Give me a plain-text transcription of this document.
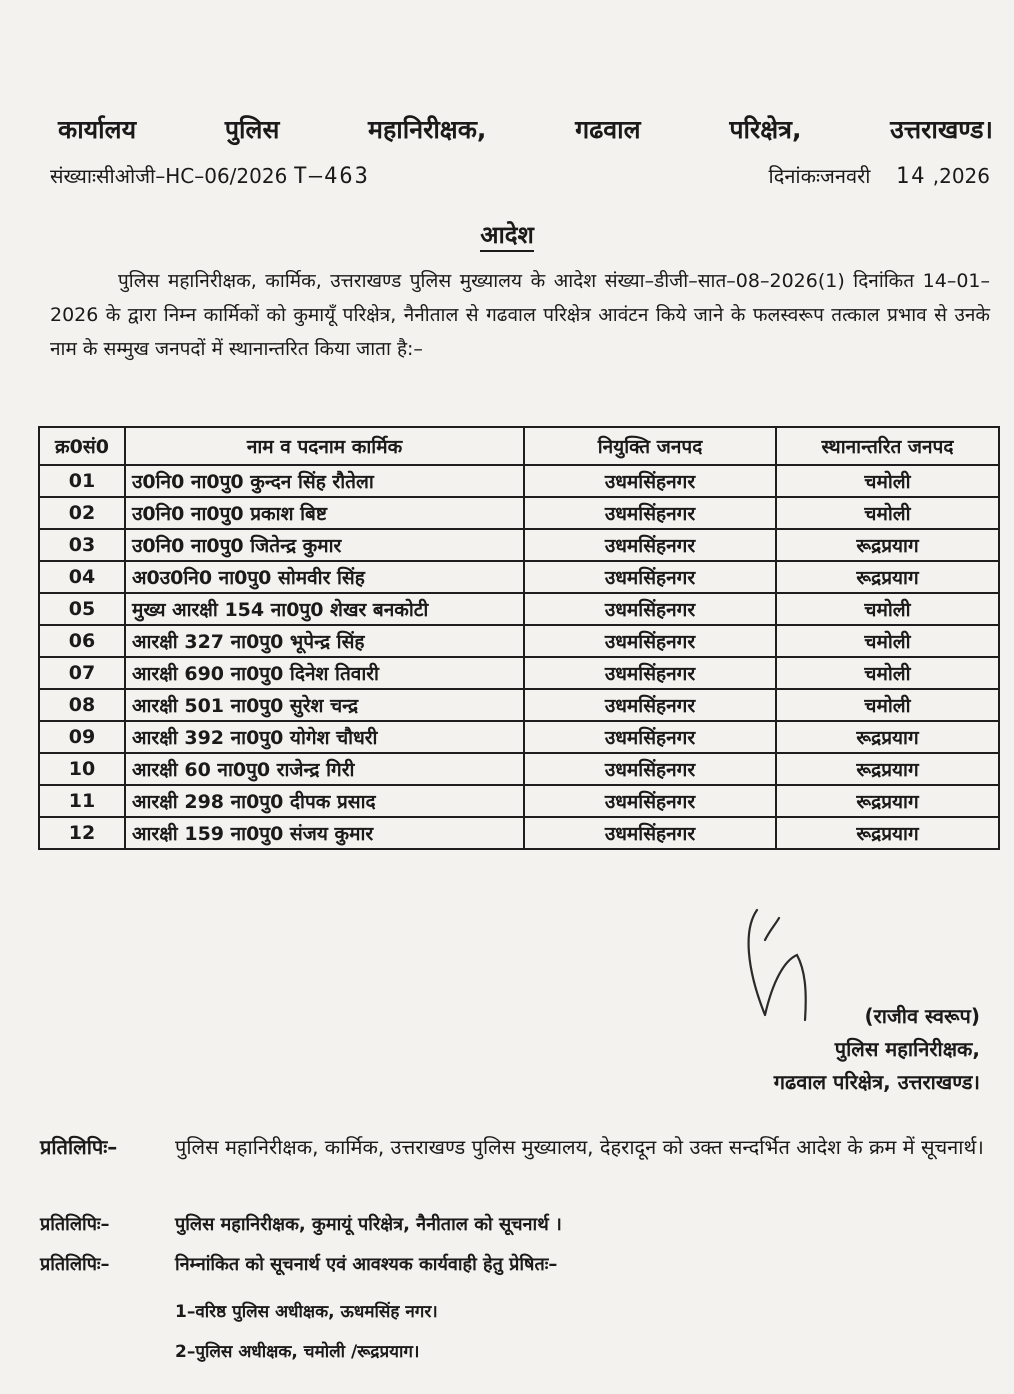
कार्यालय	पुलिस	महानिरीक्षक,	गढवाल	परिक्षेत्र,	उत्तराखण्ड।
संख्याःसीओजी–HC–06/2026 T–463	दिनांकःजनवरी 14 ,2026
आदेश
पुलिस महानिरीक्षक, कार्मिक, उत्तराखण्ड पुलिस मुख्यालय के आदेश संख्या–डीजी–सात–08–2026(1) दिनांकित 14–01–2026 के द्वारा निम्न कार्मिकों को कुमायूँ परिक्षेत्र, नैनीताल से गढवाल परिक्षेत्र आवंटन किये जाने के फलस्वरूप तत्काल प्रभाव से उनके नाम के सम्मुख जनपदों में स्थानान्तरित किया जाता है:–
क्र0सं0	नाम व पदनाम कार्मिक	नियुक्ति जनपद	स्थानान्तरित जनपद
01	उ0नि0 ना0पु0 कुन्दन सिंह रौतेला	उधमसिंहनगर	चमोली
02	उ0नि0 ना0पु0 प्रकाश बिष्ट	उधमसिंहनगर	चमोली
03	उ0नि0 ना0पु0 जितेन्द्र कुमार	उधमसिंहनगर	रूद्रप्रयाग
04	अ0उ0नि0 ना0पु0 सोमवीर सिंह	उधमसिंहनगर	रूद्रप्रयाग
05	मुख्य आरक्षी 154 ना0पु0 शेखर बनकोटी	उधमसिंहनगर	चमोली
06	आरक्षी 327 ना0पु0 भूपेन्द्र सिंह	उधमसिंहनगर	चमोली
07	आरक्षी 690 ना0पु0 दिनेश तिवारी	उधमसिंहनगर	चमोली
08	आरक्षी 501 ना0पु0 सुरेश चन्द्र	उधमसिंहनगर	चमोली
09	आरक्षी 392 ना0पु0 योगेश चौधरी	उधमसिंहनगर	रूद्रप्रयाग
10	आरक्षी 60 ना0पु0 राजेन्द्र गिरी	उधमसिंहनगर	रूद्रप्रयाग
11	आरक्षी 298 ना0पु0 दीपक प्रसाद	उधमसिंहनगर	रूद्रप्रयाग
12	आरक्षी 159 ना0पु0 संजय कुमार	उधमसिंहनगर	रूद्रप्रयाग
(राजीव स्वरूप)
पुलिस महानिरीक्षक,
गढवाल परिक्षेत्र, उत्तराखण्ड।
प्रतिलिपिः–	पुलिस महानिरीक्षक, कार्मिक, उत्तराखण्ड पुलिस मुख्यालय, देहरादून को उक्त सन्दर्भित आदेश के क्रम में सूचनार्थ।
प्रतिलिपिः–	पुलिस महानिरीक्षक, कुमायूं परिक्षेत्र, नैनीताल को सूचनार्थ ।
प्रतिलिपिः–	निम्नांकित को सूचनार्थ एवं आवश्यक कार्यवाही हेतु प्रेषितः–
1–वरिष्ठ पुलिस अधीक्षक, ऊधमसिंह नगर।
2–पुलिस अधीक्षक, चमोली /रूद्रप्रयाग।
